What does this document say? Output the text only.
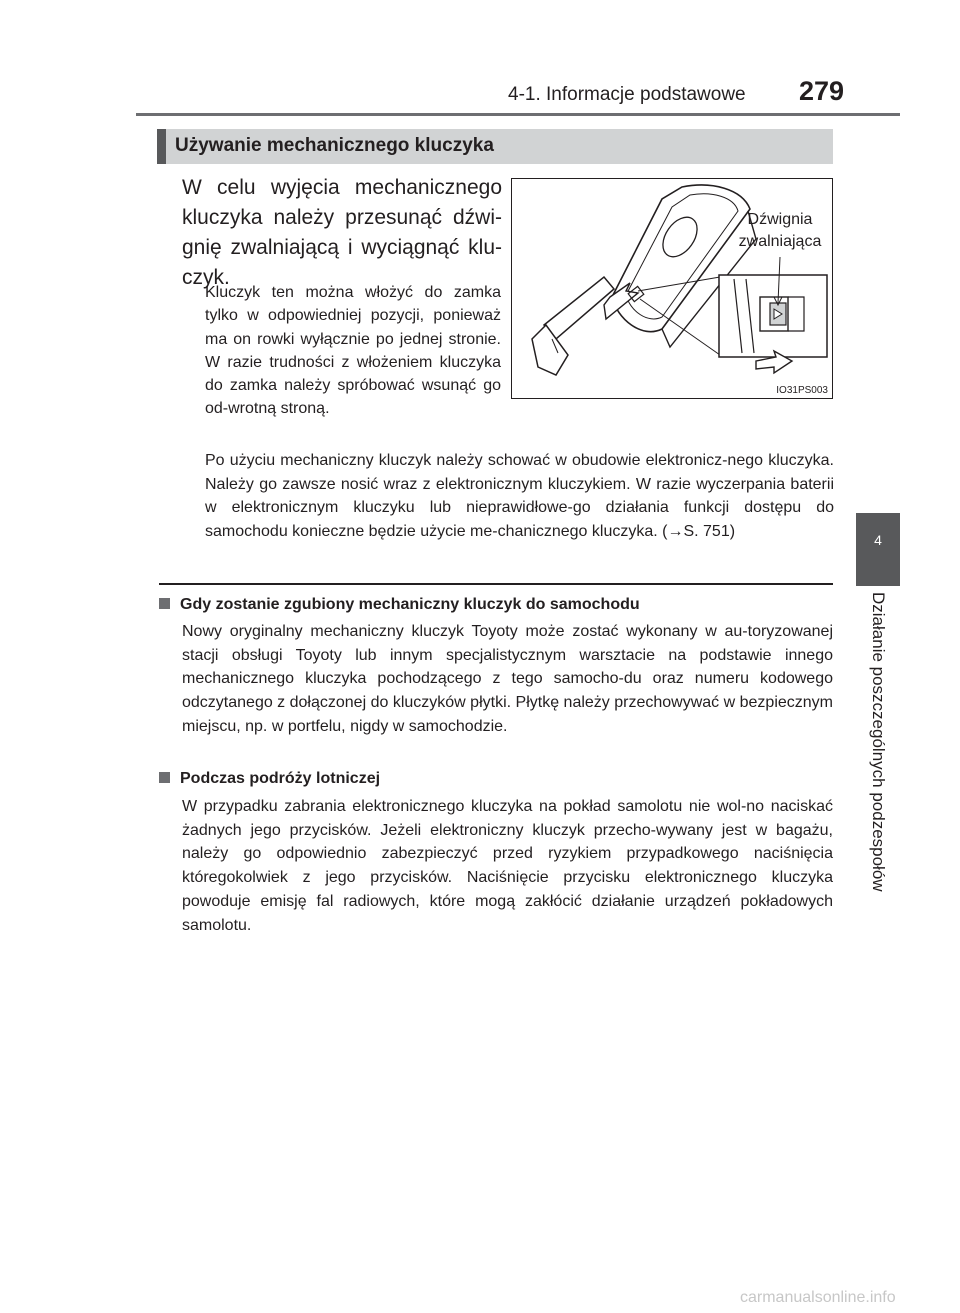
4-1. Informacje podstawowe 279
4
Działanie poszczególnych podzespołów
Używanie mechanicznego kluczyka
W celu wyjęcia mechanicznego kluczyka należy przesunąć dźwi-gnię zwalniającą i wyciągnąć klu-czyk.
Kluczyk ten można włożyć do zamka tylko w odpowiedniej pozycji, ponieważ ma on rowki wyłącznie po jednej stronie. W razie trudności z włożeniem kluczyka do zamka należy spróbować wsunąć go od-wrotną stroną.
Dźwignia
zwalniająca
IO31PS003
Po użyciu mechaniczny kluczyk należy schować w obudowie elektronicz-nego kluczyka. Należy go zawsze nosić wraz z elektronicznym kluczykiem. W razie wyczerpania baterii w elektronicznym kluczyku lub nieprawidłowe-go działania funkcji dostępu do samochodu konieczne będzie użycie me-chanicznego kluczyka. (→S. 751)
Gdy zostanie zgubiony mechaniczny kluczyk do samochodu
Nowy oryginalny mechaniczny kluczyk Toyoty może zostać wykonany w au-toryzowanej stacji obsługi Toyoty lub innym specjalistycznym warsztacie na podstawie innego mechanicznego kluczyka pochodzącego z tego samocho-du oraz numeru kodowego odczytanego z dołączonej do kluczyków płytki. Płytkę należy przechowywać w bezpiecznym miejscu, np. w portfelu, nigdy w samochodzie.
Podczas podróży lotniczej
W przypadku zabrania elektronicznego kluczyka na pokład samolotu nie wol-no naciskać żadnych jego przycisków. Jeżeli elektroniczny kluczyk przecho-wywany jest w bagażu, należy go odpowiednio zabezpieczyć przed ryzykiem przypadkowego naciśnięcia któregokolwiek z jego przycisków. Naciśnięcie przycisku elektronicznego kluczyka powoduje emisję fal radiowych, które mogą zakłócić działanie urządzeń pokładowych samolotu.
carmanualsonline.info
